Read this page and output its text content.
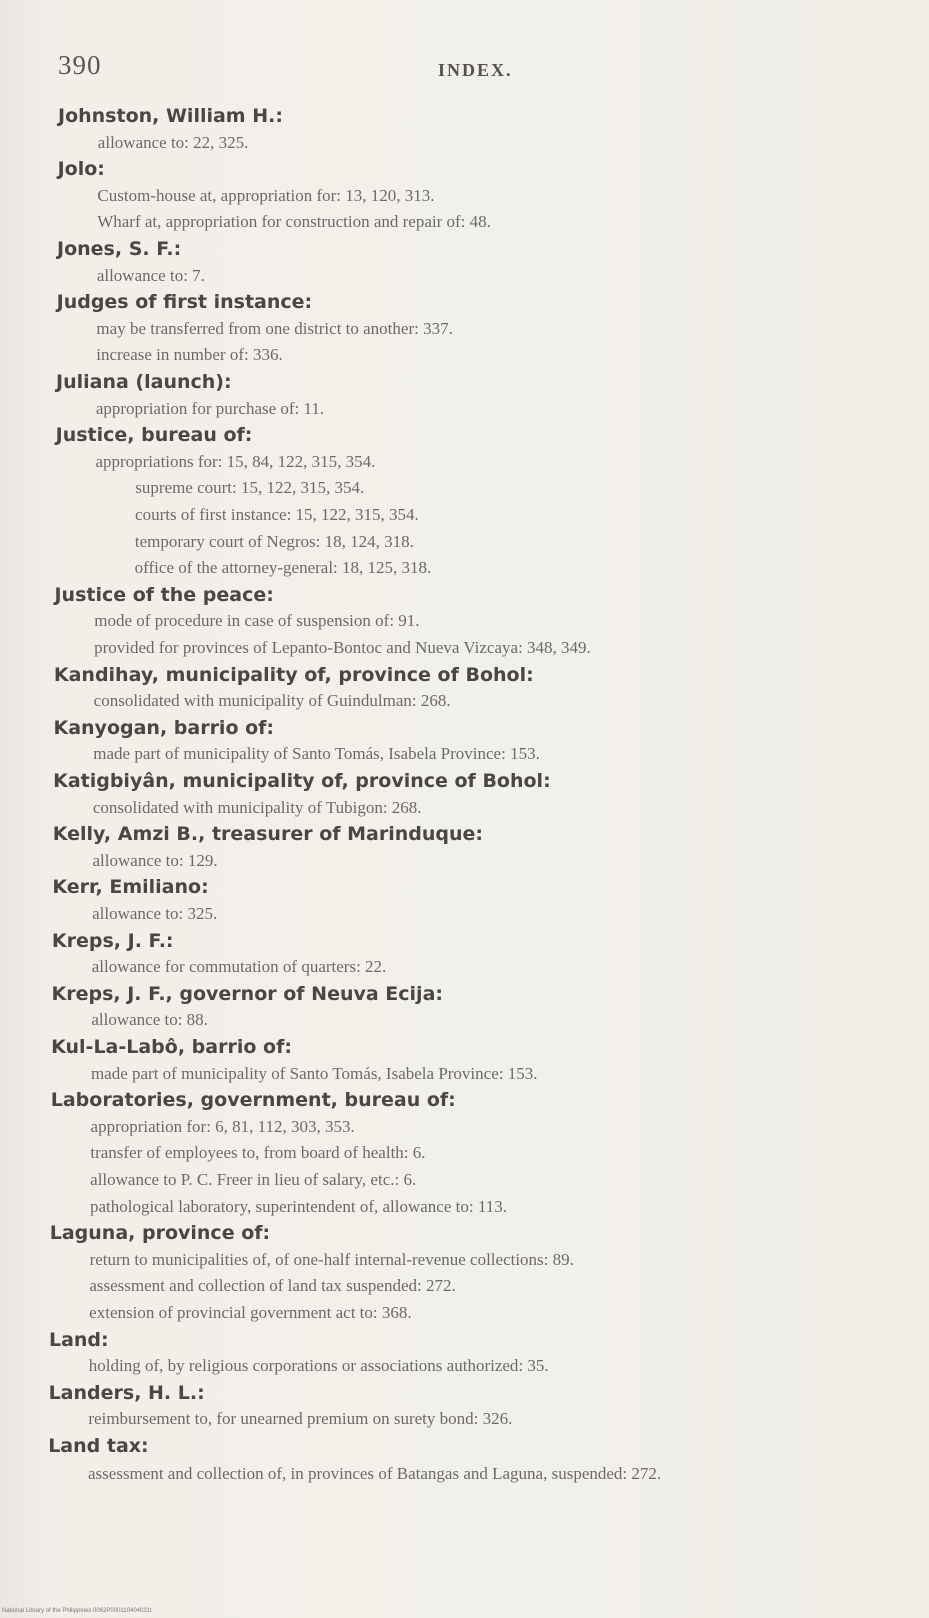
390	INDEX.
Johnston, William H.:
allowance to: 22, 325.
Jolo:
Custom-house at, appropriation for: 13, 120, 313.
Wharf at, appropriation for construction and repair of: 48.
Jones, S. F.:
allowance to: 7.
Judges of first instance:
may be transferred from one district to another: 337.
increase in number of: 336.
Juliana (launch):
appropriation for purchase of: 11.
Justice, bureau of:
appropriations for: 15, 84, 122, 315, 354.
supreme court: 15, 122, 315, 354.
courts of first instance: 15, 122, 315, 354.
temporary court of Negros: 18, 124, 318.
office of the attorney-general: 18, 125, 318.
Justice of the peace:
mode of procedure in case of suspension of: 91.
provided for provinces of Lepanto-Bontoc and Nueva Vizcaya: 348, 349.
Kandihay, municipality of, province of Bohol:
consolidated with municipality of Guindulman: 268.
Kanyogan, barrio of:
made part of municipality of Santo Tomás, Isabela Province: 153.
Katigbiyân, municipality of, province of Bohol:
consolidated with municipality of Tubigon: 268.
Kelly, Amzi B., treasurer of Marinduque:
allowance to: 129.
Kerr, Emiliano:
allowance to: 325.
Kreps, J. F.:
allowance for commutation of quarters: 22.
Kreps, J. F., governor of Neuva Ecija:
allowance to: 88.
Kul-La-Labô, barrio of:
made part of municipality of Santo Tomás, Isabela Province: 153.
Laboratories, government, bureau of:
appropriation for: 6, 81, 112, 303, 353.
transfer of employees to, from board of health: 6.
allowance to P. C. Freer in lieu of salary, etc.: 6.
pathological laboratory, superintendent of, allowance to: 113.
Laguna, province of:
return to municipalities of, of one-half internal-revenue collections: 89.
assessment and collection of land tax suspended: 272.
extension of provincial government act to: 368.
Land:
holding of, by religious corporations or associations authorized: 35.
Landers, H. L.:
reimbursement to, for unearned premium on surety bond: 326.
Land tax:
assessment and collection of, in provinces of Batangas and Laguna, suspended: 272.
National Library of the Philippines 0062P000110404031t
